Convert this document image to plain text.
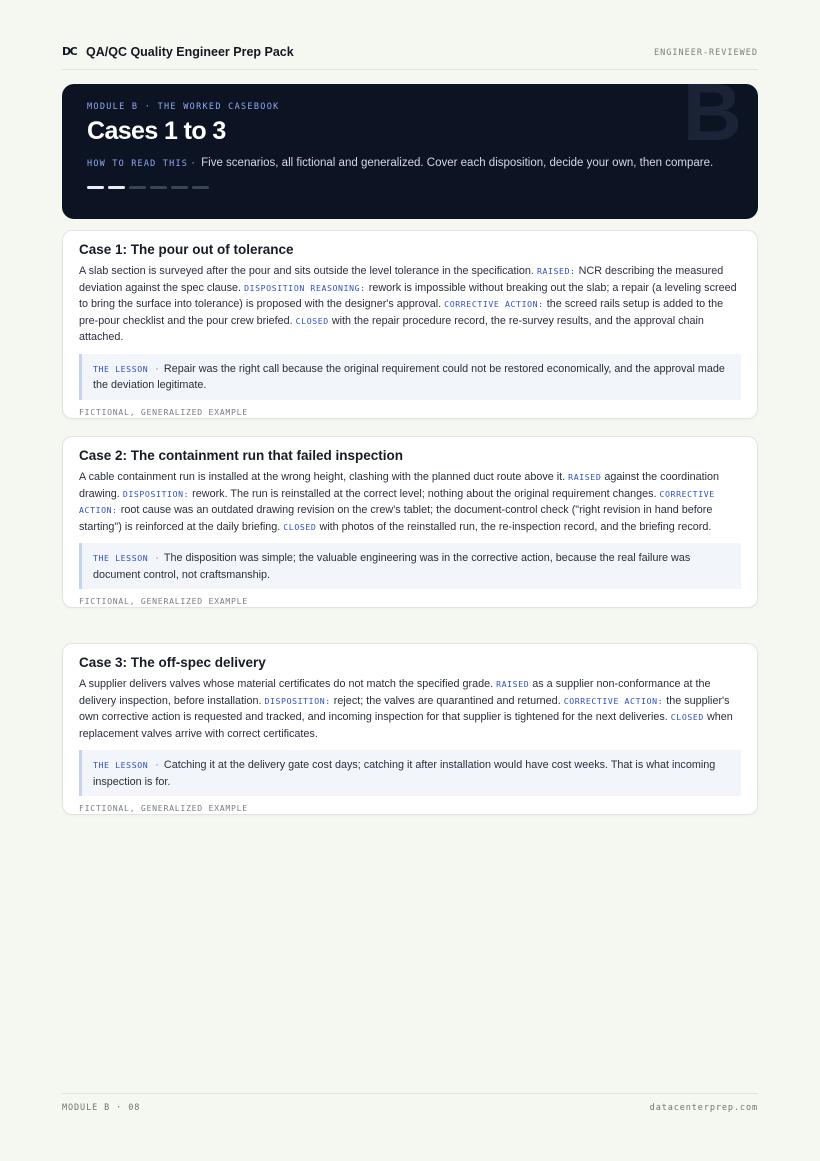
DC QA/QC Quality Engineer Prep Pack	ENGINEER-REVIEWED
B
MODULE B · THE WORKED CASEBOOK
Cases 1 to 3
HOW TO READ THIS · Five scenarios, all fictional and generalized. Cover each disposition, decide your own, then compare.
Case 1: The pour out of tolerance
A slab section is surveyed after the pour and sits outside the level tolerance in the specification. RAISED: NCR describing the measured deviation against the spec clause. DISPOSITION REASONING: rework is impossible without breaking out the slab; a repair (a leveling screed to bring the surface into tolerance) is proposed with the designer's approval. CORRECTIVE ACTION: the screed rails setup is added to the pre-pour checklist and the pour crew briefed. CLOSED with the repair procedure record, the re-survey results, and the approval chain attached.
THE LESSON · Repair was the right call because the original requirement could not be restored economically, and the approval made the deviation legitimate.
FICTIONAL, GENERALIZED EXAMPLE
Case 2: The containment run that failed inspection
A cable containment run is installed at the wrong height, clashing with the planned duct route above it. RAISED against the coordination drawing. DISPOSITION: rework. The run is reinstalled at the correct level; nothing about the original requirement changes. CORRECTIVE ACTION: root cause was an outdated drawing revision on the crew's tablet; the document-control check ("right revision in hand before starting") is reinforced at the daily briefing. CLOSED with photos of the reinstalled run, the re-inspection record, and the briefing record.
THE LESSON · The disposition was simple; the valuable engineering was in the corrective action, because the real failure was document control, not craftsmanship.
FICTIONAL, GENERALIZED EXAMPLE
Case 3: The off-spec delivery
A supplier delivers valves whose material certificates do not match the specified grade. RAISED as a supplier non-conformance at the delivery inspection, before installation. DISPOSITION: reject; the valves are quarantined and returned. CORRECTIVE ACTION: the supplier's own corrective action is requested and tracked, and incoming inspection for that supplier is tightened for the next deliveries. CLOSED when replacement valves arrive with correct certificates.
THE LESSON · Catching it at the delivery gate cost days; catching it after installation would have cost weeks. That is what incoming inspection is for.
FICTIONAL, GENERALIZED EXAMPLE
MODULE B · 08	datacenterprep.com
